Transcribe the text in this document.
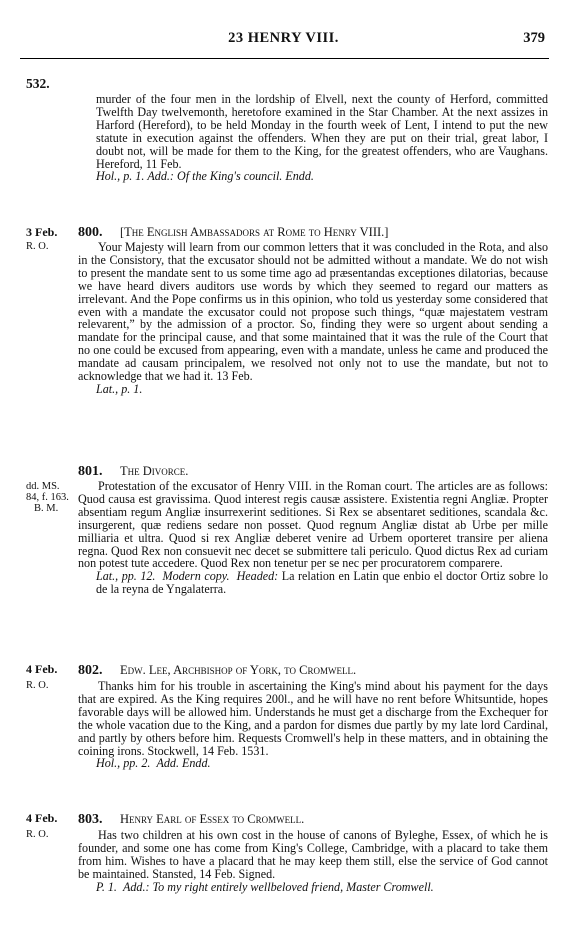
23 HENRY VIII.	379
532.

murder of the four men in the lordship of Elvell, next the county of Herford, committed Twelfth Day twelvemonth, heretofore examined in the Star Chamber. At the next assizes in Harford (Hereford), to be held Monday in the fourth week of Lent, I intend to put the new statute in execution against the offenders. When they are put on their trial, great labor, I doubt not, will be made for them to the King, for the greatest offenders, who are Vaughans. Hereford, 11 Feb.

Hol., p. 1. Add.: Of the King's council. Endd.

3 Feb.
R. O.
800. [The English Ambassadors at Rome to Henry VIII.]

Your Majesty will learn from our common letters that it was concluded in the Rota, and also in the Consistory, that the excusator should not be admitted without a mandate. We do not wish to present the mandate sent to us some time ago ad præsentandas exceptiones dilatorias, because we have heard divers auditors use words by which they seemed to regard our matters as irrelevant. And the Pope confirms us in this opinion, who told us yesterday some considered that even with a mandate the excusator could not propose such things, “quæ majestatem vestram relevarent,” by the admission of a proctor. So, finding they were so urgent about sending a mandate for the principal cause, and that some maintained that it was the rule of the Court that no one could be excused from appearing, even with a mandate, unless he came and produced the mandate ad causam principalem, we resolved not only not to use the mandate, but not to acknowledge that we had it. 13 Feb.

Lat., p. 1.

801. The Divorce.
dd. MS.
84, f. 163.
B. M.

Protestation of the excusator of Henry VIII. in the Roman court. The articles are as follows: Quod causa est gravissima. Quod interest regis causæ assistere. Existentia regni Angliæ. Propter absentiam regum Angliæ insurrexerint seditiones. Si Rex se absentaret seditiones, scandala &c. insurgerent, quæ rediens sedare non posset. Quod regnum Angliæ distat ab Urbe per mille milliaria et ultra. Quod si rex Angliæ deberet venire ad Urbem oporteret transire per aliena regna. Quod Rex non consuevit nec decet se submittere tali periculo. Quod dictus Rex ad curiam non potest tute accedere. Quod Rex non tenetur per se nec per procuratorem comparere.

Lat., pp. 12. Modern copy. Headed: La relation en Latin que enbio el doctor Ortiz sobre lo de la reyna de Yngalaterra.

4 Feb.
R. O.
802. Edw. Lee, Archbishop of York, to Cromwell.

Thanks him for his trouble in ascertaining the King's mind about his payment for the days that are expired. As the King requires 200l., and he will have no rent before Whitsuntide, hopes favorable days will be allowed him. Understands he must get a discharge from the Exchequer for the whole vacation due to the King, and a pardon for dismes due partly by my late lord Cardinal, and partly by others before him. Requests Cromwell's help in these matters, and in obtaining the coining irons. Stockwell, 14 Feb. 1531.

Hol., pp. 2. Add. Endd.

4 Feb.
R. O.
803. Henry Earl of Essex to Cromwell.

Has two children at his own cost in the house of canons of Byleghe, Essex, of which he is founder, and some one has come from King's College, Cambridge, with a placard to take them from him. Wishes to have a placard that he may keep them still, else the service of God cannot be maintained. Stansted, 14 Feb. Signed.

P. 1. Add.: To my right entirely wellbeloved friend, Master Cromwell.
